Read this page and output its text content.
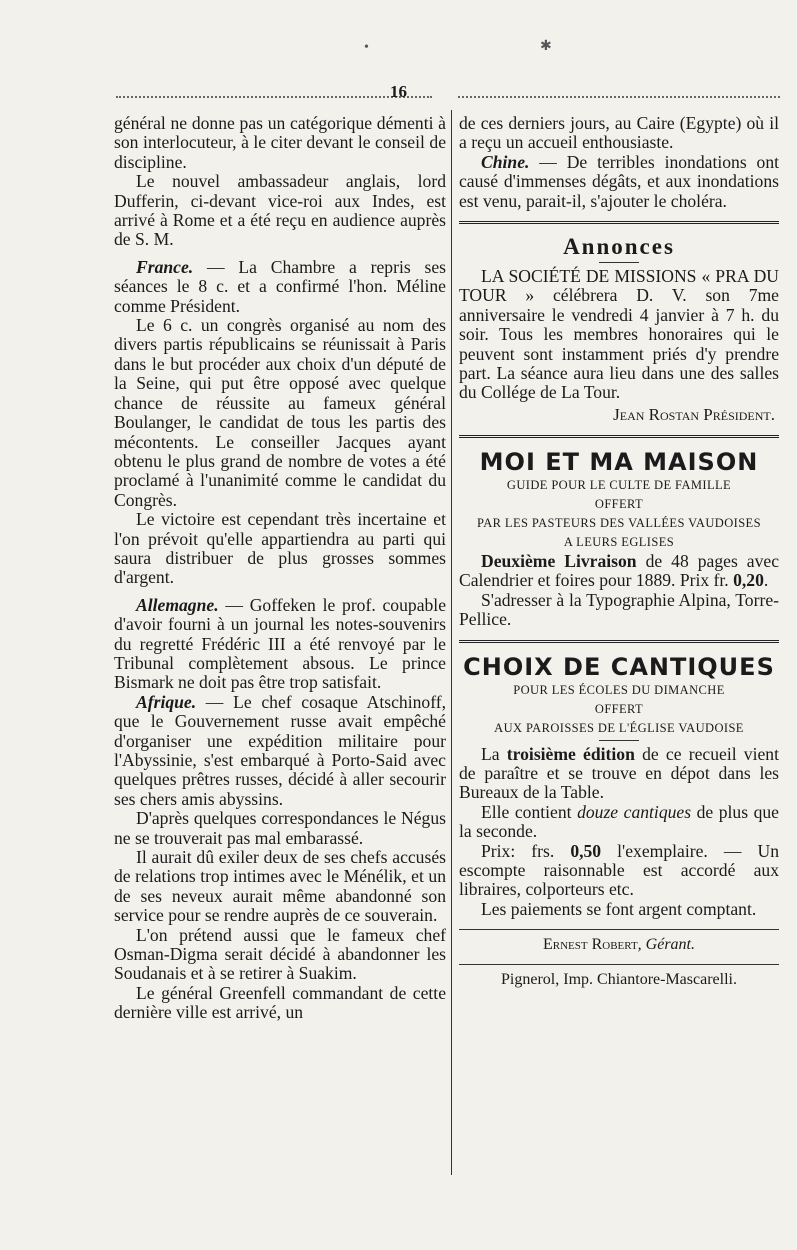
•	✱
16

général ne donne pas un catégorique démenti à son interlocuteur, à le citer devant le conseil de discipline.

Le nouvel ambassadeur anglais, lord Dufferin, ci-devant vice-roi aux Indes, est arrivé à Rome et a été reçu en audience auprès de S. M.

France. — La Chambre a repris ses séances le 8 c. et a confirmé l'hon. Méline comme Président.

Le 6 c. un congrès organisé au nom des divers partis républicains se réunissait à Paris dans le but procéder aux choix d'un député de la Seine, qui put être opposé avec quelque chance de réussite au fameux général Boulanger, le candidat de tous les partis des mécontents. Le conseiller Jacques ayant obtenu le plus grand de nombre de votes a été proclamé à l'unanimité comme le candidat du Congrès.

Le victoire est cependant très incertaine et l'on prévoit qu'elle appartiendra au parti qui saura distribuer de plus grosses sommes d'argent.

Allemagne. — Goffeken le prof. coupable d'avoir fourni à un journal les notes-souvenirs du regretté Frédéric III a été renvoyé par le Tribunal complètement absous. Le prince Bismark ne doit pas être trop satisfait.

Afrique. — Le chef cosaque Atschinoff, que le Gouvernement russe avait empêché d'organiser une expédition militaire pour l'Abyssinie, s'est embarqué à Porto-Said avec quelques prêtres russes, décidé à aller secourir ses chers amis abyssins.

D'après quelques correspondances le Négus ne se trouverait pas mal embarassé.

Il aurait dû exiler deux de ses chefs accusés de relations trop intimes avec le Ménélik, et un de ses neveux aurait même abandonné son service pour se rendre auprès de ce souverain.

L'on prétend aussi que le fameux chef Osman-Digma serait décidé à abandonner les Soudanais et à se retirer à Suakim.

Le général Greenfell commandant de cette dernière ville est arrivé, un

de ces derniers jours, au Caire (Egypte) où il a reçu un accueil enthousiaste.

Chine. — De terribles inondations ont causé d'immenses dégâts, et aux inondations est venu, parait-il, s'ajouter le choléra.

Annonces

LA SOCIÉTÉ DE MISSIONS « PRA DU TOUR » célébrera D. V. son 7me anniversaire le vendredi 4 janvier à 7 h. du soir. Tous les membres honoraires qui le peuvent sont instamment priés d'y prendre part. La séance aura lieu dans une des salles du Collége de La Tour.

Jean Rostan Président.
MOI ET MA MAISON
GUIDE POUR LE CULTE DE FAMILLE
OFFERT
PAR LES PASTEURS DES VALLÉES VAUDOISES
A LEURS EGLISES

Deuxième Livraison de 48 pages avec Calendrier et foires pour 1889. Prix fr. 0,20.

S'adresser à la Typographie Alpina, Torre-Pellice.

CHOIX DE CANTIQUES
POUR LES ÉCOLES DU DIMANCHE
OFFERT
AUX PAROISSES DE L'ÉGLISE VAUDOISE

La troisième édition de ce recueil vient de paraître et se trouve en dépot dans les Bureaux de la Table.

Elle contient douze cantiques de plus que la seconde.

Prix: frs. 0,50 l'exemplaire. — Un escompte raisonnable est accordé aux libraires, colporteurs etc.

Les paiements se font argent comptant.

Ernest Robert, Gérant.
Pignerol, Imp. Chiantore-Mascarelli.
